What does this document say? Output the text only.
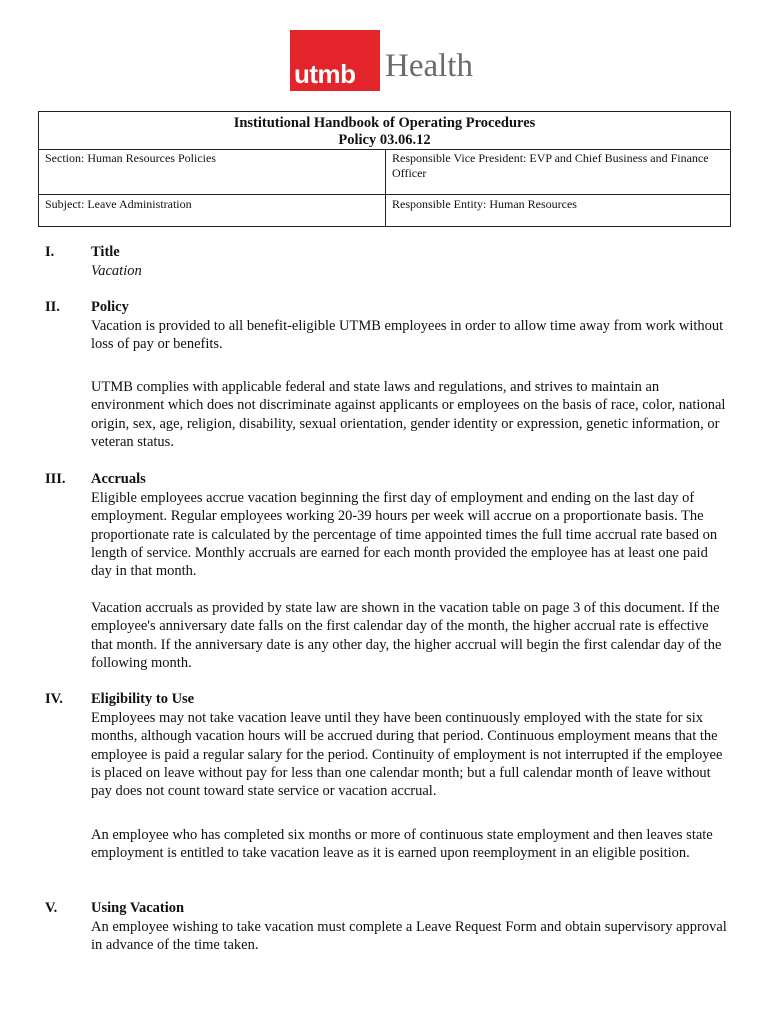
utmb Health
Institutional Handbook of Operating Procedures
Policy 03.06.12
Section: Human Resources Policies	Responsible Vice President: EVP and Chief Business and Finance Officer
Subject: Leave Administration	Responsible Entity: Human Resources
I.	Title
Vacation
II. Policy
Vacation is provided to all benefit-eligible UTMB employees in order to allow time away from work without loss of pay or benefits.
UTMB complies with applicable federal and state laws and regulations, and strives to maintain an environment which does not discriminate against applicants or employees on the basis of race, color, national origin, sex, age, religion, disability, sexual orientation, gender identity or expression, genetic information, or veteran status.
III. Accruals
Eligible employees accrue vacation beginning the first day of employment and ending on the last day of employment. Regular employees working 20-39 hours per week will accrue on a proportionate basis. The proportionate rate is calculated by the percentage of time appointed times the full time accrual rate based on length of service. Monthly accruals are earned for each month provided the employee has at least one paid day in that month.
Vacation accruals as provided by state law are shown in the vacation table on page 3 of this document. If the employee's anniversary date falls on the first calendar day of the month, the higher accrual rate is effective that month. If the anniversary date is any other day, the higher accrual will begin the first calendar day of the following month.
IV. Eligibility to Use
Employees may not take vacation leave until they have been continuously employed with the state for six months, although vacation hours will be accrued during that period. Continuous employment means that the employee is paid a regular salary for the period. Continuity of employment is not interrupted if the employee is placed on leave without pay for less than one calendar month; but a full calendar month of leave without pay does not count toward state service or vacation accrual.
An employee who has completed six months or more of continuous state employment and then leaves state employment is entitled to take vacation leave as it is earned upon reemployment in an eligible position.
V. Using Vacation
An employee wishing to take vacation must complete a Leave Request Form and obtain supervisory approval in advance of the time taken.
